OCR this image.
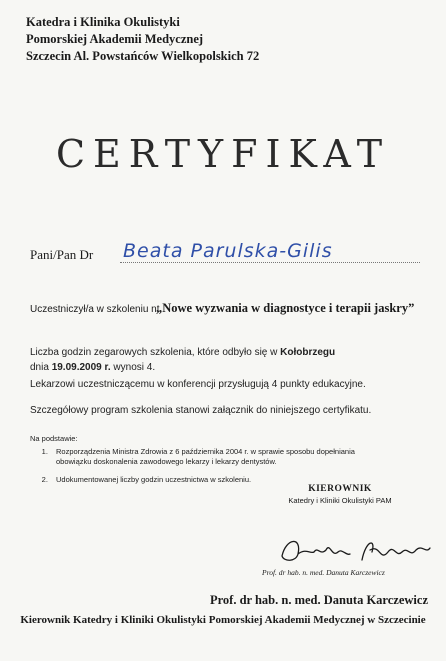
Katedra i Klinika Okulistyki
Pomorskiej Akademii Medycznej
Szczecin Al. Powstańców Wielkopolskich 72
CERTYFIKAT
Pani/Pan Dr Beata Parulska-Gilis
Uczestniczył/a w szkoleniu nt.
„Nowe wyzwania w diagnostyce i terapii jaskry”
Liczba godzin zegarowych szkolenia, które odbyło się w Kołobrzegu
dnia 19.09.2009 r. wynosi 4.
Lekarzowi uczestniczącemu w konferencji przysługują 4 punkty edukacyjne.
Szczegółowy program szkolenia stanowi załącznik do niniejszego certyfikatu.
Na podstawie:
1. Rozporządzenia Ministra Zdrowia z 6 października 2004 r. w sprawie sposobu dopełniania obowiązku doskonalenia zawodowego lekarzy i lekarzy dentystów.
2. Udokumentowanej liczby godzin uczestnictwa w szkoleniu.
KIEROWNIK
Katedry i Kliniki Okulistyki PAM
Prof. dr hab. n. med. Danuta Karczewicz
Prof. dr hab. n. med. Danuta Karczewicz
Kierownik Katedry i Kliniki Okulistyki Pomorskiej Akademii Medycznej w Szczecinie
